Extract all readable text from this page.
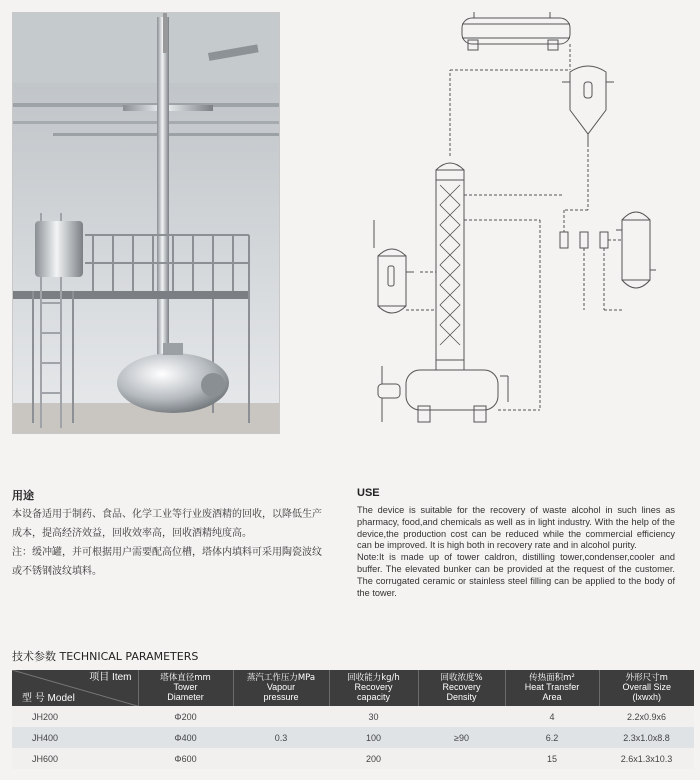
用途

本设备适用于制药、食品、化学工业等行业废酒精的回收，以降低生产成本，提高经济效益，回收效率高，回收酒精纯度高。

注：缓冲罐，并可根据用户需要配高位槽，塔体内填料可采用陶瓷波纹或不锈钢波纹填料。

USE

The device is suitable for the recovery of waste alcohol in such lines as pharmacy, food,and chemicals as well as in light industry. With the help of the device,the production cost can be reduced while the commercial efficiency can be improved. It is high both in recovery rate and in alcohol purity.

Note:It is made up of tower caldron, distilling tower,condenser,cooler and buffer. The elevated bunker can be provided at the request of the customer. The corrugated ceramic or stainless steel filling can be applied to the body of the tower.

技术参数 TECHNICAL PARAMETERS
项目 Item
型 号 Model	塔体直径mm
Tower
Diameter	蒸汽工作压力MPa
Vapour
pressure	回收能力kg/h
Recovery
capacity	回收浓度%
Recovery
Density	传热面积m²
Heat Transfer
Area	外形尺寸m
Overall Size
(lxwxh)

JH200	Φ200		30		4	2.2x0.9x6
JH400	Φ400	0.3	100	≥90	6.2	2.3x1.0x8.8
JH600	Φ600		200		15	2.6x1.3x10.3
